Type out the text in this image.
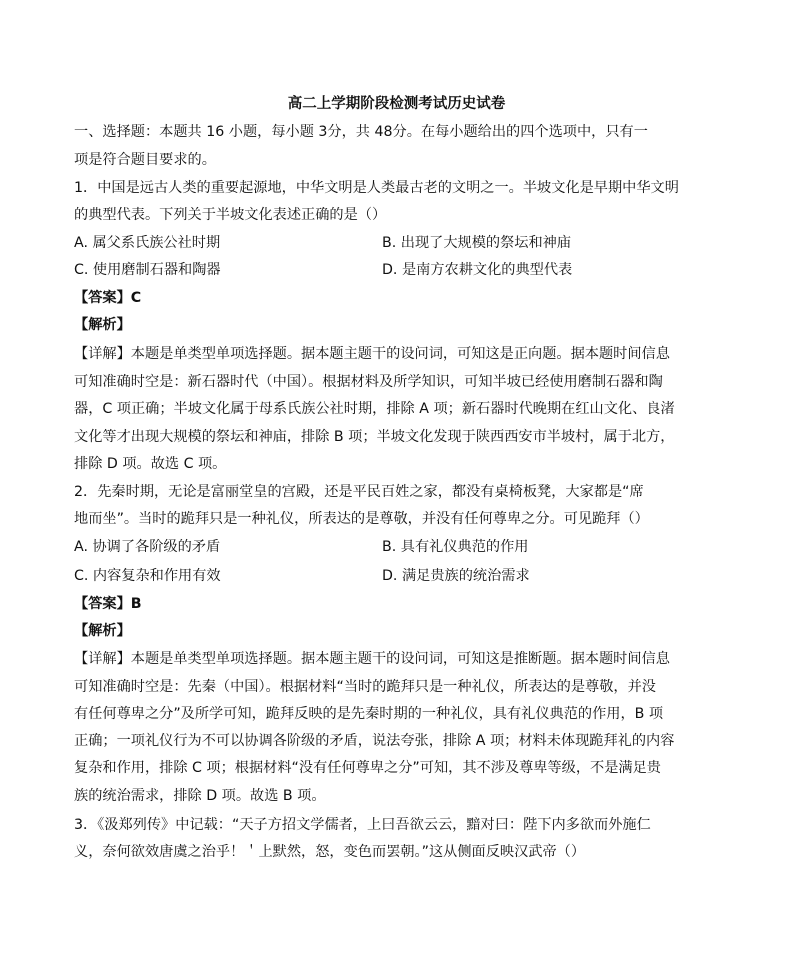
高二上学期阶段检测考试历史试卷
一、选择题：本题共 16 小题，每小题 3分，共 48分。在每小题给出的四个选项中，只有一
项是符合题目要求的。
1．中国是远古人类的重要起源地，中华文明是人类最古老的文明之一。半坡文化是早期中华文明
的典型代表。下列关于半坡文化表述正确的是（）
A. 属父系氏族公社时期	B. 出现了大规模的祭坛和神庙
C. 使用磨制石器和陶器	D. 是南方农耕文化的典型代表
【答案】C
【解析】
【详解】本题是单类型单项选择题。据本题主题干的设问词，可知这是正向题。据本题时间信息
可知准确时空是：新石器时代（中国）。根据材料及所学知识，可知半坡已经使用磨制石器和陶
器，C 项正确；半坡文化属于母系氏族公社时期，排除 A 项；新石器时代晚期在红山文化、良渚
文化等才出现大规模的祭坛和神庙，排除 B 项；半坡文化发现于陕西西安市半坡村，属于北方，
排除 D 项。故选 C 项。
2．先秦时期，无论是富丽堂皇的宫殿，还是平民百姓之家，都没有桌椅板凳，大家都是“席
地而坐”。当时的跪拜只是一种礼仪，所表达的是尊敬，并没有任何尊卑之分。可见跪拜（）
A. 协调了各阶级的矛盾	B. 具有礼仪典范的作用
C. 内容复杂和作用有效	D. 满足贵族的统治需求
【答案】B
【解析】
【详解】本题是单类型单项选择题。据本题主题干的设问词，可知这是推断题。据本题时间信息
可知准确时空是：先秦（中国）。根据材料“当时的跪拜只是一种礼仪，所表达的是尊敬，并没
有任何尊卑之分”及所学可知，跪拜反映的是先秦时期的一种礼仪，具有礼仪典范的作用，B 项
正确；一项礼仪行为不可以协调各阶级的矛盾，说法夸张，排除 A 项；材料未体现跪拜礼的内容
复杂和作用，排除 C 项；根据材料“没有任何尊卑之分”可知，其不涉及尊卑等级，不是满足贵
族的统治需求，排除 D 项。故选 B 项。
3．《汲郑列传》中记载：“天子方招文学儒者，上曰吾欲云云，黯对曰：陛下内多欲而外施仁
义，奈何欲效唐虞之治乎！＇上默然，怒，变色而罢朝。”这从侧面反映汉武帝（）
